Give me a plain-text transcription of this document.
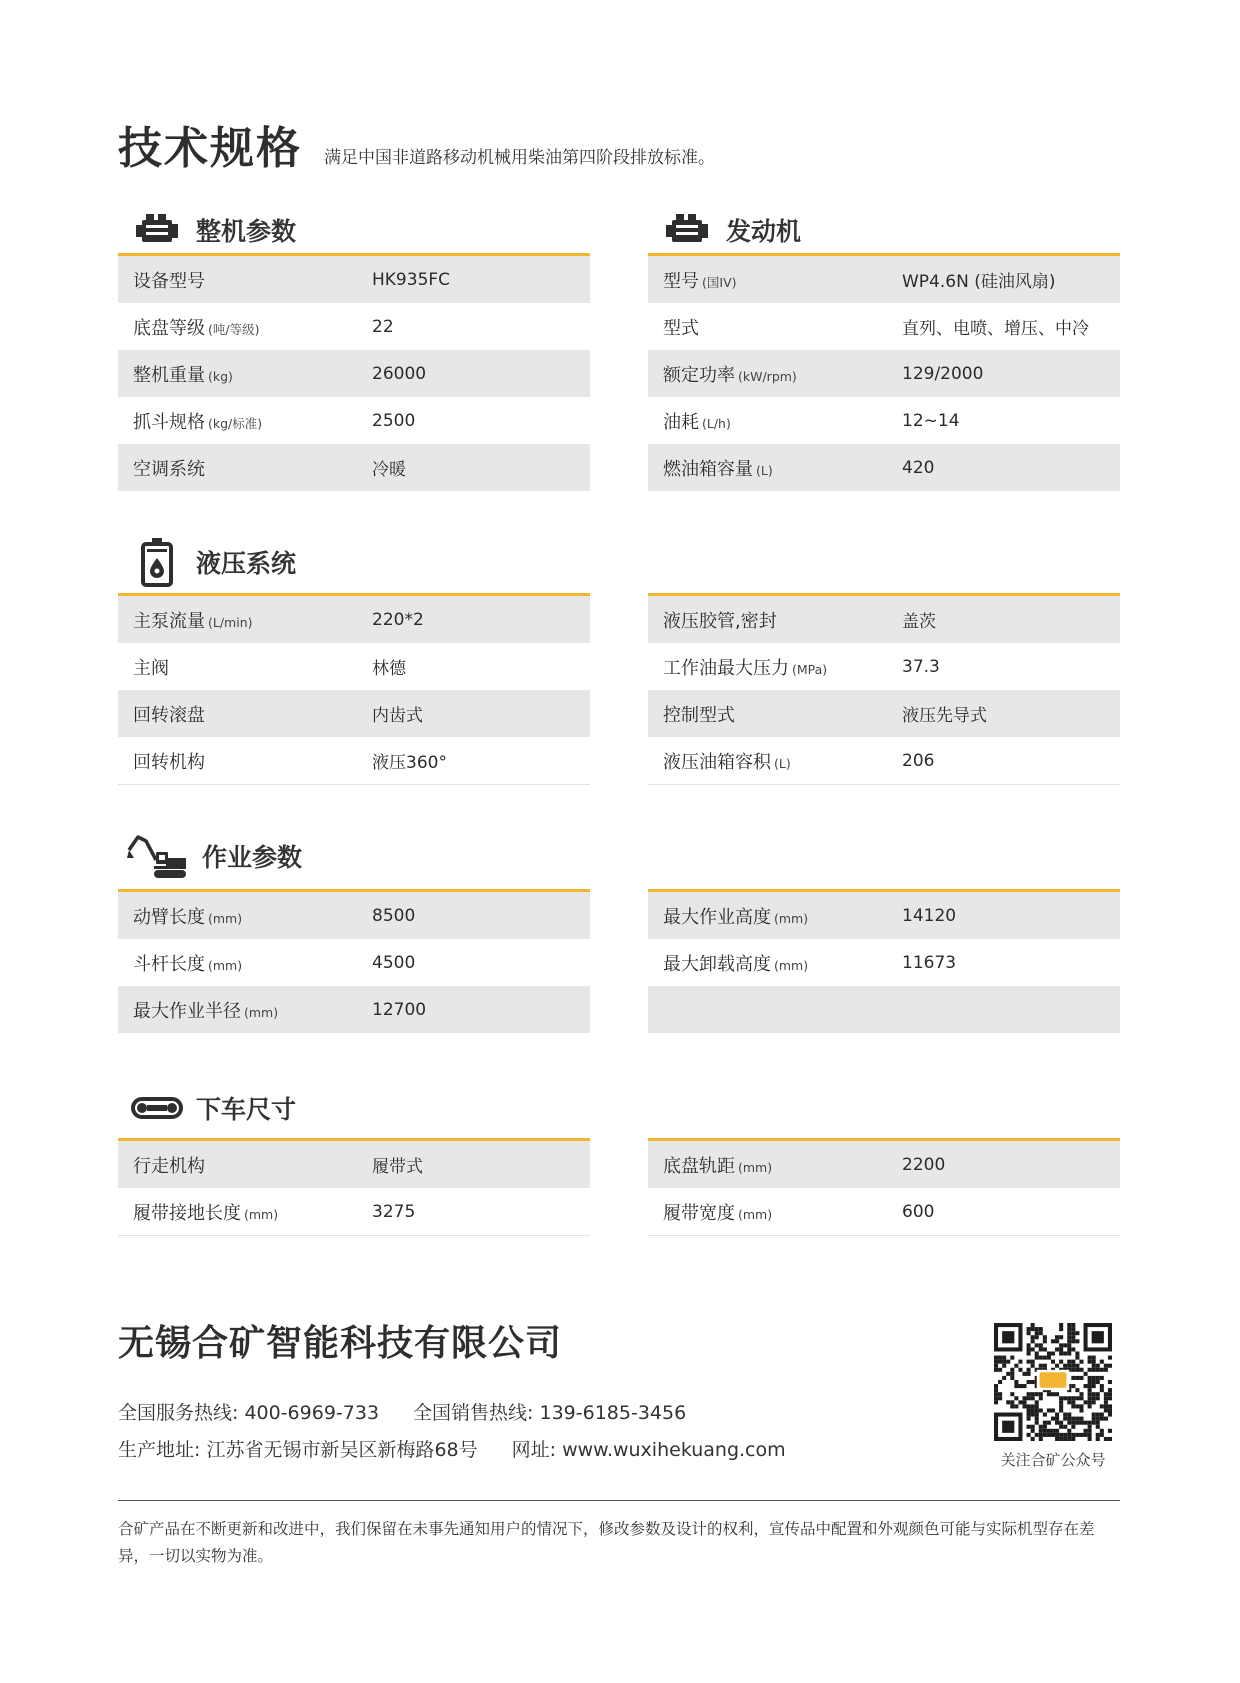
技术规格 满足中国非道路移动机械用柴油第四阶段排放标准。
整机参数
设备型号	HK935FC
底盘等级 (吨/等级)	22
整机重量 (kg)	26000
抓斗规格 (kg/标准)	2500
空调系统	冷暖
发动机
型号 (国IV)	WP4.6N (硅油风扇)
型式	直列、电喷、增压、中冷
额定功率 (kW/rpm)	129/2000
油耗 (L/h)	12~14
燃油箱容量 (L)	420
液压系统
主泵流量 (L/min)	220*2
主阀	林德
回转滚盘	内齿式
回转机构	液压360°
液压胶管,密封	盖茨
工作油最大压力 (MPa)	37.3
控制型式	液压先导式
液压油箱容积 (L)	206
作业参数
动臂长度 (mm)	8500
斗杆长度 (mm)	4500
最大作业半径 (mm)	12700
最大作业高度 (mm)	14120
最大卸载高度 (mm)	11673
下车尺寸
行走机构	履带式
履带接地长度 (mm)	3275
底盘轨距 (mm)	2200
履带宽度 (mm)	600
无锡合矿智能科技有限公司
全国服务热线: 400-6969-733 全国销售热线: 139-6185-3456
生产地址: 江苏省无锡市新吴区新梅路68号 网址: www.wuxihekuang.com	关注合矿公众号
合矿产品在不断更新和改进中，我们保留在未事先通知用户的情况下，修改参数及设计的权利，宣传品中配置和外观颜色可能与实际机型存在差异，一切以实物为准。
